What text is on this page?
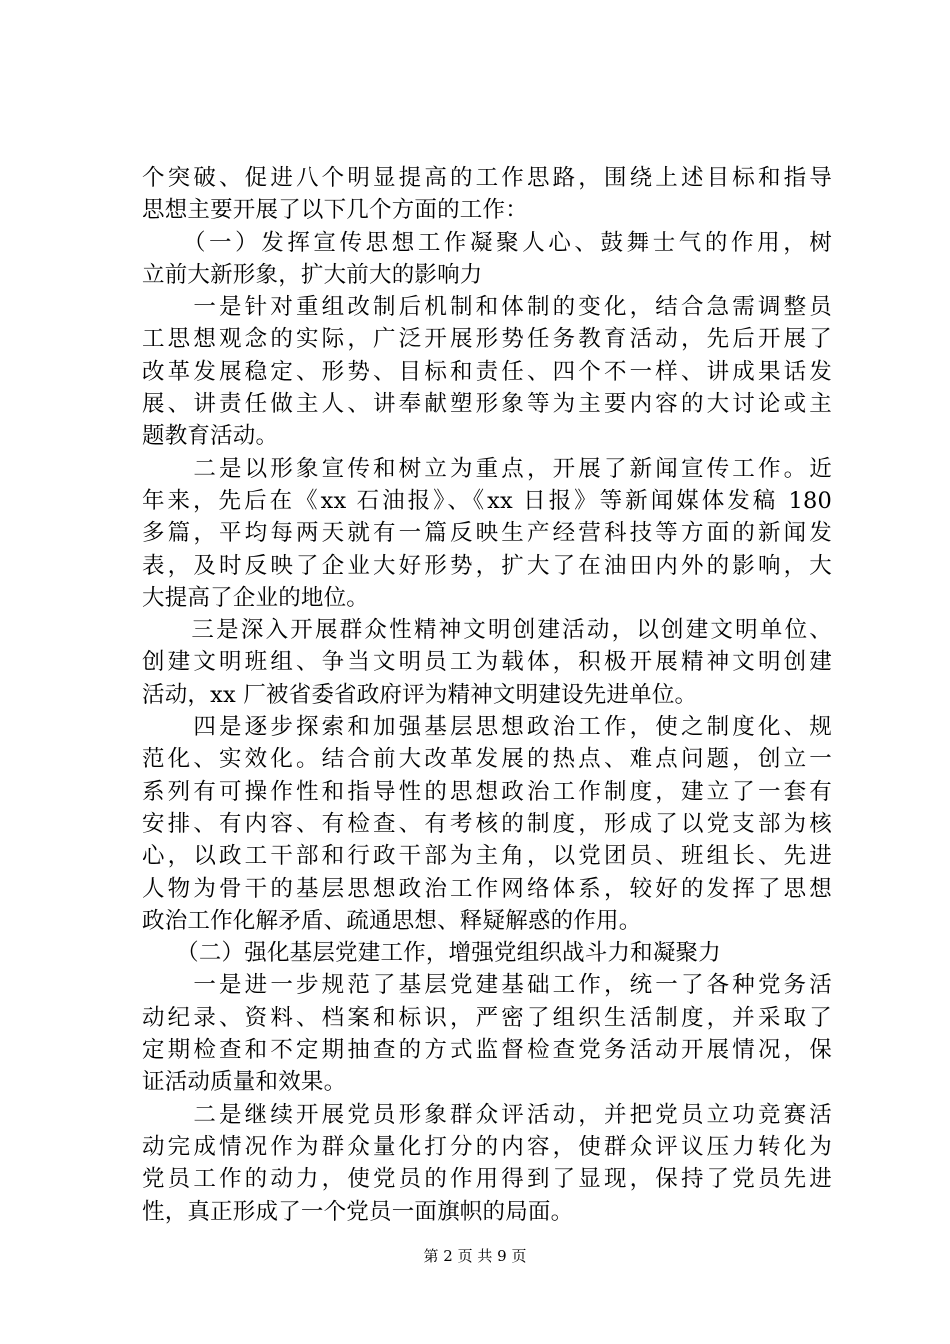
个突破、促进八个明显提高的工作思路，围绕上述目标和指导
思想主要开展了以下几个方面的工作：
　　（一）发挥宣传思想工作凝聚人心、鼓舞士气的作用，树
立前大新形象，扩大前大的影响力
　　一是针对重组改制后机制和体制的变化，结合急需调整员
工思想观念的实际，广泛开展形势任务教育活动，先后开展了
改革发展稳定、形势、目标和责任、四个不一样、讲成果话发
展、讲责任做主人、讲奉献塑形象等为主要内容的大讨论或主
题教育活动。
　　二是以形象宣传和树立为重点，开展了新闻宣传工作。近
年来，先后在《xx 石油报》、《xx 日报》等新闻媒体发稿 180
多篇，平均每两天就有一篇反映生产经营科技等方面的新闻发
表，及时反映了企业大好形势，扩大了在油田内外的影响，大
大提高了企业的地位。
　　三是深入开展群众性精神文明创建活动，以创建文明单位、
创建文明班组、争当文明员工为载体，积极开展精神文明创建
活动，xx 厂被省委省政府评为精神文明建设先进单位。
　　四是逐步探索和加强基层思想政治工作，使之制度化、规
范化、实效化。结合前大改革发展的热点、难点问题，创立一
系列有可操作性和指导性的思想政治工作制度，建立了一套有
安排、有内容、有检查、有考核的制度，形成了以党支部为核
心，以政工干部和行政干部为主角，以党团员、班组长、先进
人物为骨干的基层思想政治工作网络体系，较好的发挥了思想
政治工作化解矛盾、疏通思想、释疑解惑的作用。
　　（二）强化基层党建工作，增强党组织战斗力和凝聚力
　　一是进一步规范了基层党建基础工作，统一了各种党务活
动纪录、资料、档案和标识，严密了组织生活制度，并采取了
定期检查和不定期抽查的方式监督检查党务活动开展情况，保
证活动质量和效果。
　　二是继续开展党员形象群众评活动，并把党员立功竞赛活
动完成情况作为群众量化打分的内容，使群众评议压力转化为
党员工作的动力，使党员的作用得到了显现，保持了党员先进
性，真正形成了一个党员一面旗帜的局面。
第 2 页 共 9 页
